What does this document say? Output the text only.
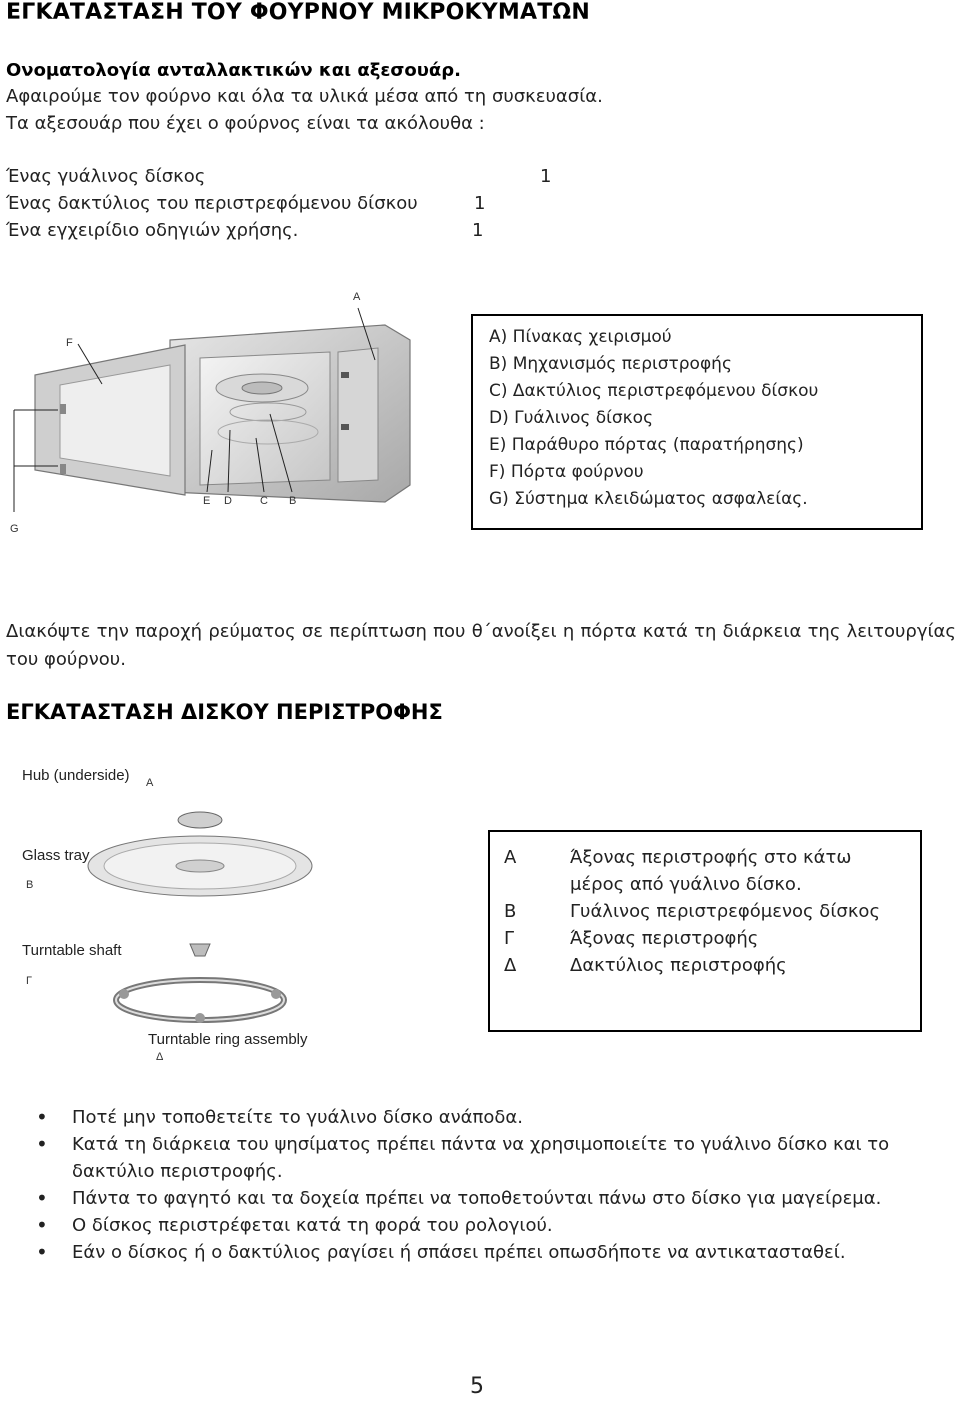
ΕΓΚΑΤΑΣΤΑΣΗ ΤΟΥ ΦΟΥΡΝΟΥ ΜΙΚΡΟΚΥΜΑΤΩΝ
Ονοματολογία ανταλλακτικών και αξεσουάρ.
Αφαιρούμε τον φούρνο και όλα τα υλικά μέσα από τη συσκευασία.
Τα αξεσουάρ που έχει ο φούρνος είναι τα ακόλουθα :
Ένας γυάλινος δίσκος	1
Ένας δακτύλιος του περιστρεφόμενου δίσκου	1
Ένα εγχειρίδιο οδηγιών χρήσης.	1
A
F
G
E D	C B
A) Πίνακας χειρισμού
B) Μηχανισμός περιστροφής
C) Δακτύλιος περιστρεφόμενου δίσκου
D) Γυάλινος δίσκος
E) Παράθυρο πόρτας (παρατήρησης)
F) Πόρτα φούρνου
G) Σύστημα κλειδώματος ασφαλείας.
Διακόψτε την παροχή ρεύματος σε περίπτωση που θ΄ανοίξει η πόρτα κατά τη διάρκεια της λειτουργίας του φούρνου.
ΕΓΚΑΤΑΣΤΑΣΗ ΔΙΣΚΟΥ ΠΕΡΙΣΤΡΟΦΗΣ
Hub (underside) A
Glass tray
B
Turntable shaft
Γ
Turntable ring assembly
Δ
A	Άξονας περιστροφής στο κάτω μέρος από γυάλινο δίσκο.
B	Γυάλινος περιστρεφόμενος δίσκος
Γ	Άξονας περιστροφής
Δ	Δακτύλιος περιστροφής
• Ποτέ μην τοποθετείτε το γυάλινο δίσκο ανάποδα.
• Κατά τη διάρκεια του ψησίματος πρέπει πάντα να χρησιμοποιείτε το γυάλινο δίσκο και το δακτύλιο περιστροφής.
• Πάντα το φαγητό και τα δοχεία πρέπει να τοποθετούνται πάνω στο δίσκο για μαγείρεμα.
• Ο δίσκος περιστρέφεται κατά τη φορά του ρολογιού.
• Εάν ο δίσκος ή ο δακτύλιος ραγίσει ή σπάσει πρέπει οπωσδήποτε να αντικατασταθεί.
5
